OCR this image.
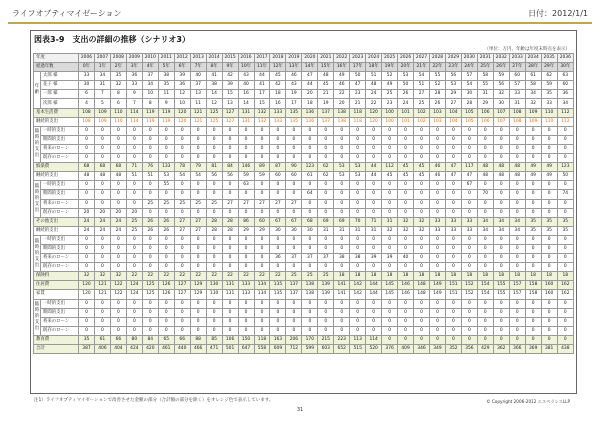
ライフオブティマイゼーション	日付：2012/1/1
図表3-9　支出の詳細の推移（シナリオ3）
（単位：万円、年齢は年度末時点を表示）
年度		2006	2007	2008	2009	2010	2011	2012	2013	2014	2015	2016	2017	2018	2019	2020	2021	2022	2023	2024	2025	2026	2027	2028	2029	2030	2031	2032	2033	2034	2035	2036
経過年数		0年	1年	2年	3年	4年	5年	6年	7年	8年	9年	10年	11年	12年	13年	14年	15年	16年	17年	18年	19年	20年	21年	22年	23年	24年	25年	26年	27年	28年	29年	30年
年齢	太郎 様	33	34	35	36	37	38	39	40	41	42	43	44	45	46	47	48	49	50	51	52	53	54	55	56	57	58	59	60	61	62	63
	花子 様	30	31	32	33	34	35	36	37	38	39	40	41	42	43	44	45	46	47	48	49	50	51	52	53	54	55	56	57	58	59	60
	一郎 様	6	7	8	9	10	11	12	13	14	15	16	17	18	19	20	21	22	23	24	25	26	27	28	29	30	31	32	33	34	35	36
	次郎 様	4	5	6	7	8	9	10	11	12	13	14	15	16	17	18	19	20	21	22	23	24	25	26	27	28	29	30	31	32	33	34
基本生活費		108	109	110	114	119	119	120	121	125	127	131	132	133	135	136	137	138	118	120	100	101	102	103	104	105	106	107	108	109	110	112
継続的支出		108	109	110	114	119	119	120	121	125	127	131	132	133	135	136	137	138	118	120	100	101	102	103	104	105	106	107	108	109	110	112
臨時的支出	一時的支出	0	0	0	0	0	0	0	0	0	0	0	0	0	0	0	0	0	0	0	0	0	0	0	0	0	0	0	0	0	0	0
	期間的支出	0	0	0	0	0	0	0	0	0	0	0	0	0	0	0	0	0	0	0	0	0	0	0	0	0	0	0	0	0	0	0
	将来のローン	0	0	0	0	0	0	0	0	0	0	0	0	0	0	0	0	0	0	0	0	0	0	0	0	0	0	0	0	0	0	0
	既存のローン	0	0	0	0	0	0	0	0	0	0	0	0	0	0	0	0	0	0	0	0	0	0	0	0	0	0	0	0	0	0	0
娯楽費		68	68	68	71	76	133	78	79	81	84	146	89	87	90	123	62	53	53	44	112	45	45	46	47	117	48	48	48	49	49	123
継続的支出		48	48	48	51	51	53	54	54	56	56	59	59	60	60	61	62	53	53	44	45	45	45	46	47	47	48	48	48	49	49	50
臨時的支出	一時的支出	0	0	0	0	0	55	0	0	0	0	63	0	0	0	0	0	0	0	0	0	0	0	0	0	67	0	0	0	0	0	0
	期間的支出	0	0	0	0	0	0	0	0	0	0	0	0	0	0	64	0	0	0	0	0	0	0	0	0	0	70	0	0	0	0	74
	将来のローン	0	0	0	0	25	25	25	25	25	27	27	27	27	27	0	0	0	0	0	0	0	0	0	0	0	0	0	0	0	0	0
	既存のローン	20	20	20	20	0	0	0	0	0	0	0	0	0	0	0	0	0	0	0	0	0	0	0	0	0	0	0	0	0	0	0
その他支出		24	24	24	25	26	26	27	27	28	28	86	60	67	67	68	69	69	70	71	31	32	32	33	33	33	34	34	34	35	35	35
継続的支出		24	24	24	25	26	26	27	27	28	28	29	29	30	30	30	31	31	31	31	32	32	32	33	33	33	34	34	34	35	35	35
臨時的支出	一時的支出	0	0	0	0	0	0	0	0	0	0	0	0	0	0	0	0	0	0	0	0	0	0	0	0	0	0	0	0	0	0	0
	期間的支出	0	0	0	0	0	0	0	0	0	0	0	0	0	0	0	0	0	0	0	0	0	0	0	0	0	0	0	0	0	0	0
	将来のローン	0	0	0	0	0	0	0	0	0	0	0	0	36	37	37	37	38	38	39	39	40	0	0	0	0	0	0	0	0	0	0
	既存のローン	0	0	0	0	0	0	0	0	0	0	0	0	0	0	0	0	0	0	0	0	0	0	0	0	0	0	0	0	0	0	0
保険料		32	32	32	22	22	22	22	22	22	22	22	22	22	25	25	25	18	18	18	18	18	18	18	18	18	18	18	18	18	18	18
住居費		120	121	122	124	125	126	127	129	130	131	133	134	135	137	138	139	141	142	144	145	146	148	149	151	152	154	155	157	158	160	162
家賃		120	121	122	124	125	126	127	129	130	131	133	134	135	137	138	139	141	142	144	145	146	148	149	151	152	154	155	157	158	160	162
臨時的支出	一時的支出	0	0	0	0	0	0	0	0	0	0	0	0	0	0	0	0	0	0	0	0	0	0	0	0	0	0	0	0	0	0	0
	期間的支出	0	0	0	0	0	0	0	0	0	0	0	0	0	0	0	0	0	0	0	0	0	0	0	0	0	0	0	0	0	0	0
	将来のローン	0	0	0	0	0	0	0	0	0	0	0	0	0	0	0	0	0	0	0	0	0	0	0	0	0	0	0	0	0	0	0
	既存のローン	0	0	0	0	0	0	0	0	0	0	0	0	0	0	0	0	0	0	0	0	0	0	0	0	0	0	0	0	0	0	0
教育費		35	61	66	80	84	65	66	88	85	106	150	118	163	206	170	215	223	113	114	0	0	0	0	0	0	0	0	0	0	0	0
合計		387	406	404	424	420	461	440	466	471	501	647	558	609	712	599	603	652	515	520	376	409	346	349	352	356	429	362	366	369	381	438
注1）ライフオプティマイゼーションで改善させた金額の部分（合計額の部分を除く）をオレンジ色で表示しています。	© Copyright 2006-2012 エスペランスLLP
31
